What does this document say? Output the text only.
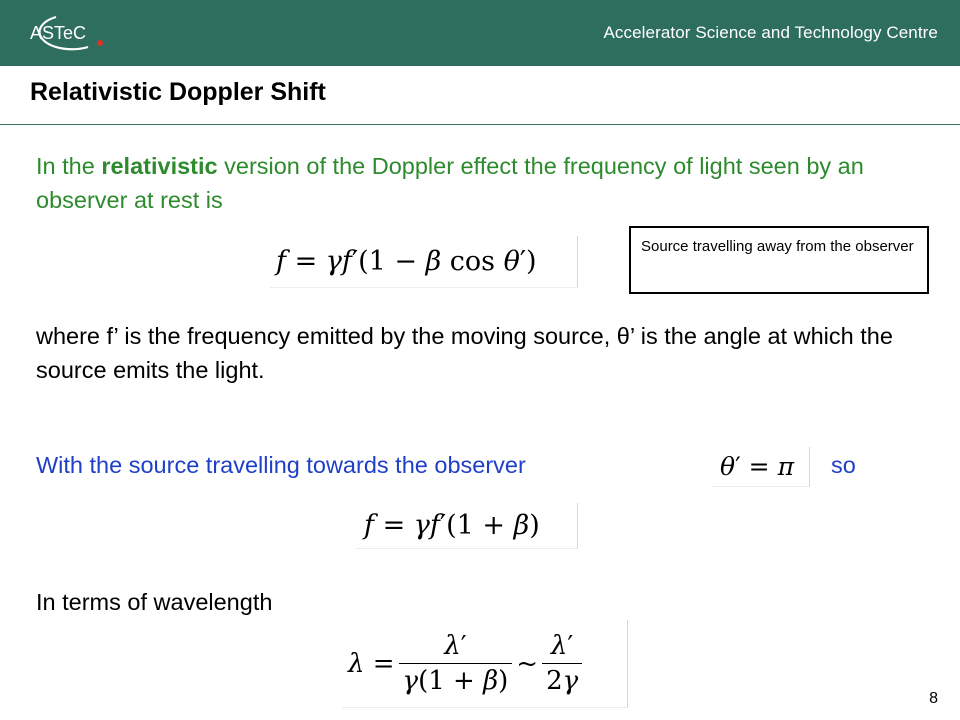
ASTeC	Accelerator Science and Technology Centre
Relativistic Doppler Shift

In the relativistic version of the Doppler effect the frequency of light seen by an observer at rest is

f = γf ′(1 − β cos θ ′)	Source travelling away from the observer

where f’ is the frequency emitted by the moving source, θ’ is the angle at which the source emits the light.

With the source travelling towards the observer	θ ′ = π so
f = γf ′(1 + β )

In terms of wavelength

$\lambda = \frac{\lambda'}{\gamma(1 + \beta)}$ ~ $\frac{\lambda'}{2\gamma}$
8
